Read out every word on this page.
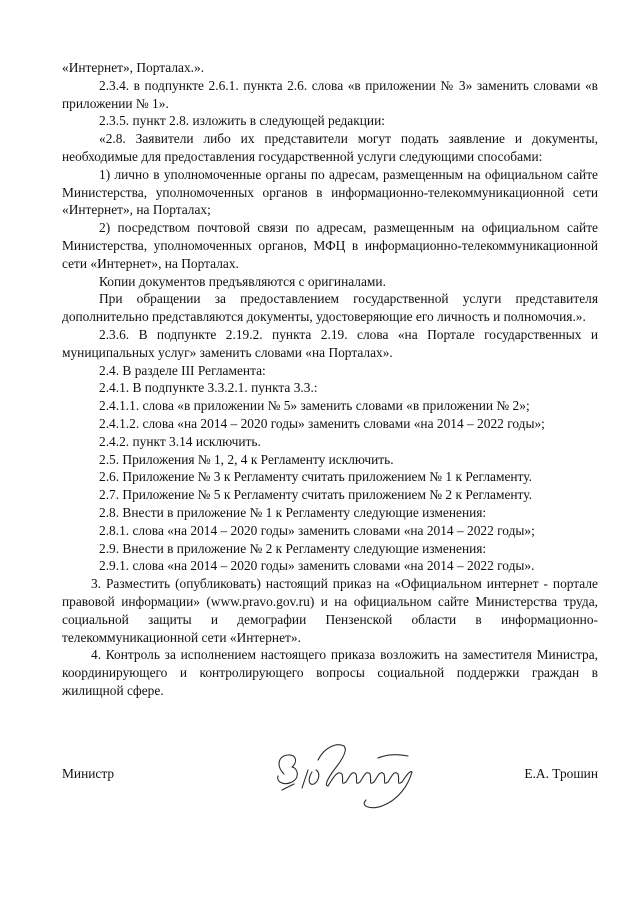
«Интернет», Порталах.».

2.3.4. в подпункте 2.6.1. пункта 2.6. слова «в приложении № 3» заменить словами «в приложении № 1».

2.3.5. пункт 2.8. изложить в следующей редакции:

«2.8. Заявители либо их представители могут подать заявление и документы, необходимые для предоставления государственной услуги следующими способами:

1) лично в уполномоченные органы по адресам, размещенным на официальном сайте Министерства, уполномоченных органов в информационно-телекоммуникационной сети «Интернет», на Порталах;

2) посредством почтовой связи по адресам, размещенным на официальном сайте Министерства, уполномоченных органов, МФЦ в информационно-телекоммуникационной сети «Интернет», на Порталах.

Копии документов предъявляются с оригиналами.

При обращении за предоставлением государственной услуги представителя дополнительно представляются документы, удостоверяющие его личность и полномочия.».

2.3.6. В подпункте 2.19.2. пункта 2.19. слова «на Портале государственных и муниципальных услуг» заменить словами «на Порталах».

2.4. В разделе III Регламента:

2.4.1. В подпункте 3.3.2.1. пункта 3.3.:

2.4.1.1. слова «в приложении № 5» заменить словами «в приложении № 2»;

2.4.1.2. слова «на 2014 – 2020 годы» заменить словами «на 2014 – 2022 годы»;

2.4.2. пункт 3.14 исключить.

2.5. Приложения № 1, 2, 4 к Регламенту исключить.

2.6. Приложение № 3 к Регламенту считать приложением № 1 к Регламенту.

2.7. Приложение № 5 к Регламенту считать приложением № 2 к Регламенту.

2.8. Внести в приложение № 1 к Регламенту следующие изменения:

2.8.1. слова «на 2014 – 2020 годы» заменить словами «на 2014 – 2022 годы»;

2.9. Внести в приложение № 2 к Регламенту следующие изменения:

2.9.1. слова «на 2014 – 2020 годы» заменить словами «на 2014 – 2022 годы».

3. Разместить (опубликовать) настоящий приказ на «Официальном интернет - портале правовой информации» (www.pravo.gov.ru) и на официальном сайте Министерства труда, социальной защиты и демографии Пензенской области в информационно-телекоммуникационной сети «Интернет».

4. Контроль за исполнением настоящего приказа возложить на заместителя Министра, координирующего и контролирующего вопросы социальной поддержки граждан в жилищной сфере.

Министр	Е.А. Трошин
